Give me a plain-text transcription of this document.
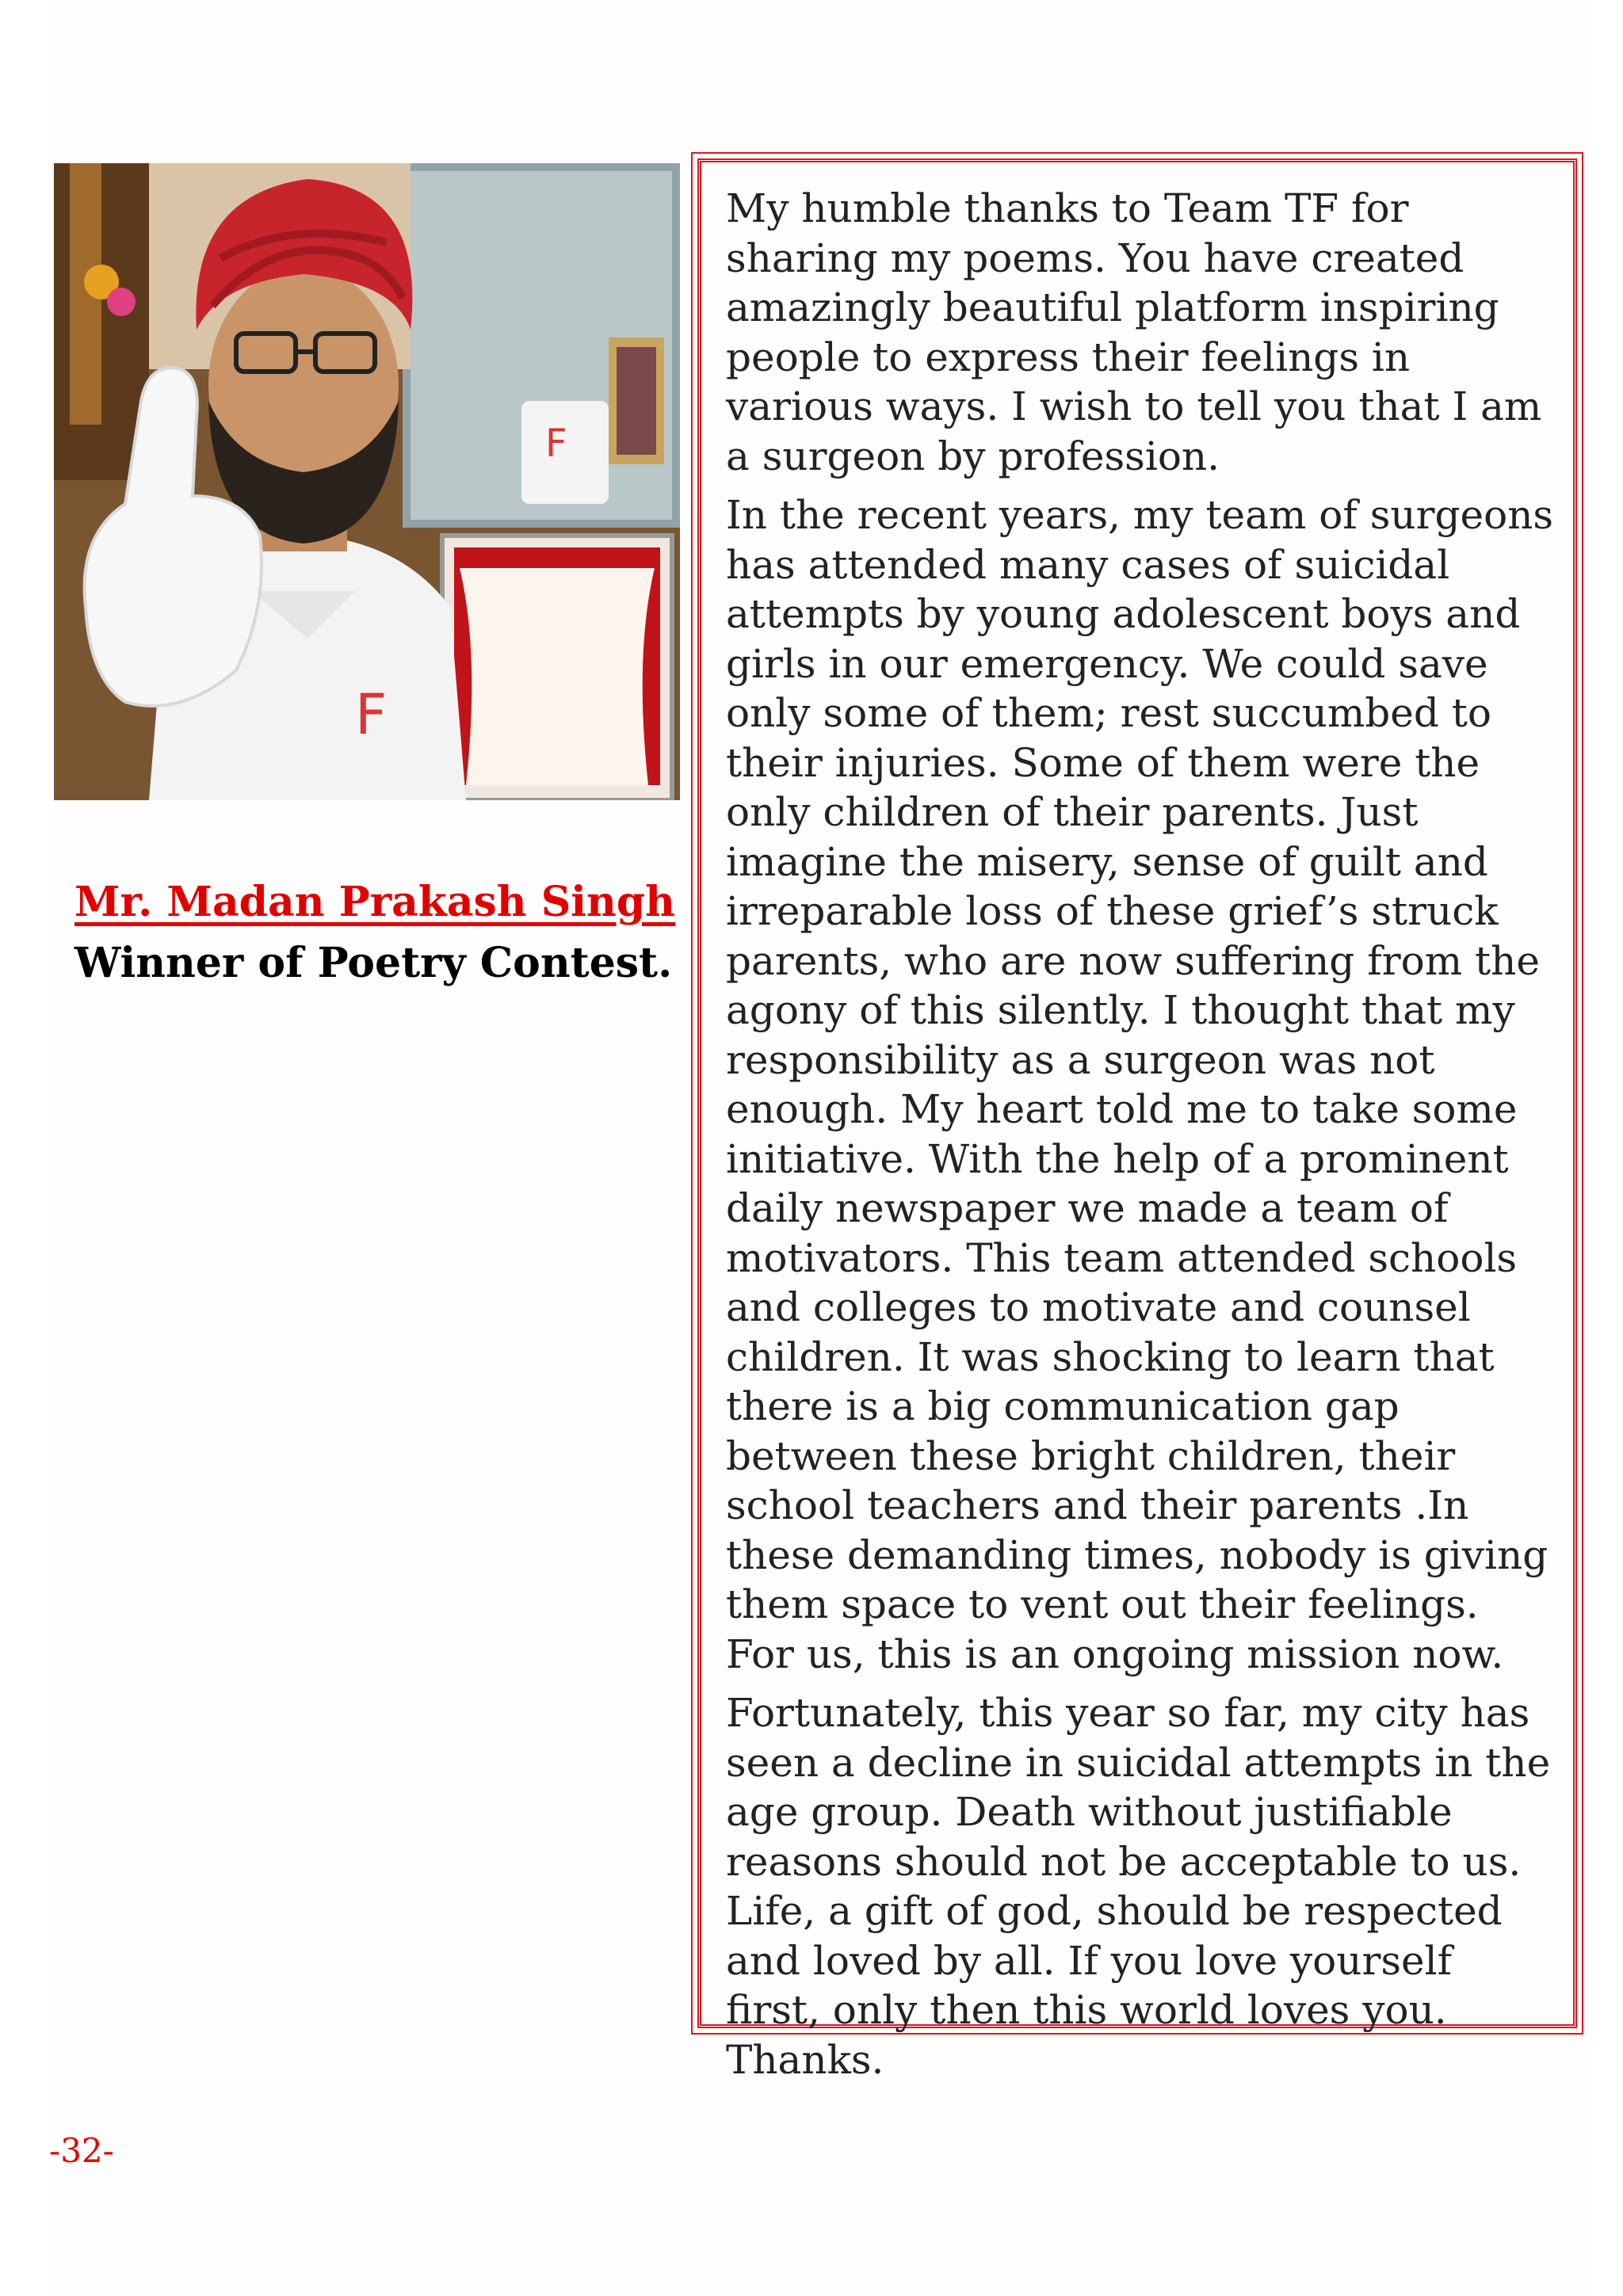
F
F
Mr. Madan Prakash Singh
Winner of Poetry Contest.

My humble thanks to Team TF for sharing my poems. You have created amazingly beautiful platform inspiring people to express their feelings in various ways. I wish to tell you that I am a surgeon by profession.

In the recent years, my team of surgeons has attended many cases of suicidal attempts by young adolescent boys and girls in our emergency. We could save only some of them; rest succumbed to their injuries. Some of them were the only children of their parents. Just imagine the misery, sense of guilt and irreparable loss of these grief’s struck parents, who are now suffering from the agony of this silently. I thought that my responsibility as a surgeon was not enough. My heart told me to take some initiative. With the help of a prominent daily newspaper we made a team of motivators. This team attended schools and colleges to motivate and counsel children. It was shocking to learn that there is a big communication gap between these bright children, their school teachers and their parents .In these demanding times, nobody is giving them space to vent out their feelings. For us, this is an ongoing mission now.

Fortunately, this year so far, my city has seen a decline in suicidal attempts in the age group. Death without justifiable reasons should not be acceptable to us. Life, a gift of god, should be respected and loved by all. If you love yourself first, only then this world loves you. Thanks.

-32-
